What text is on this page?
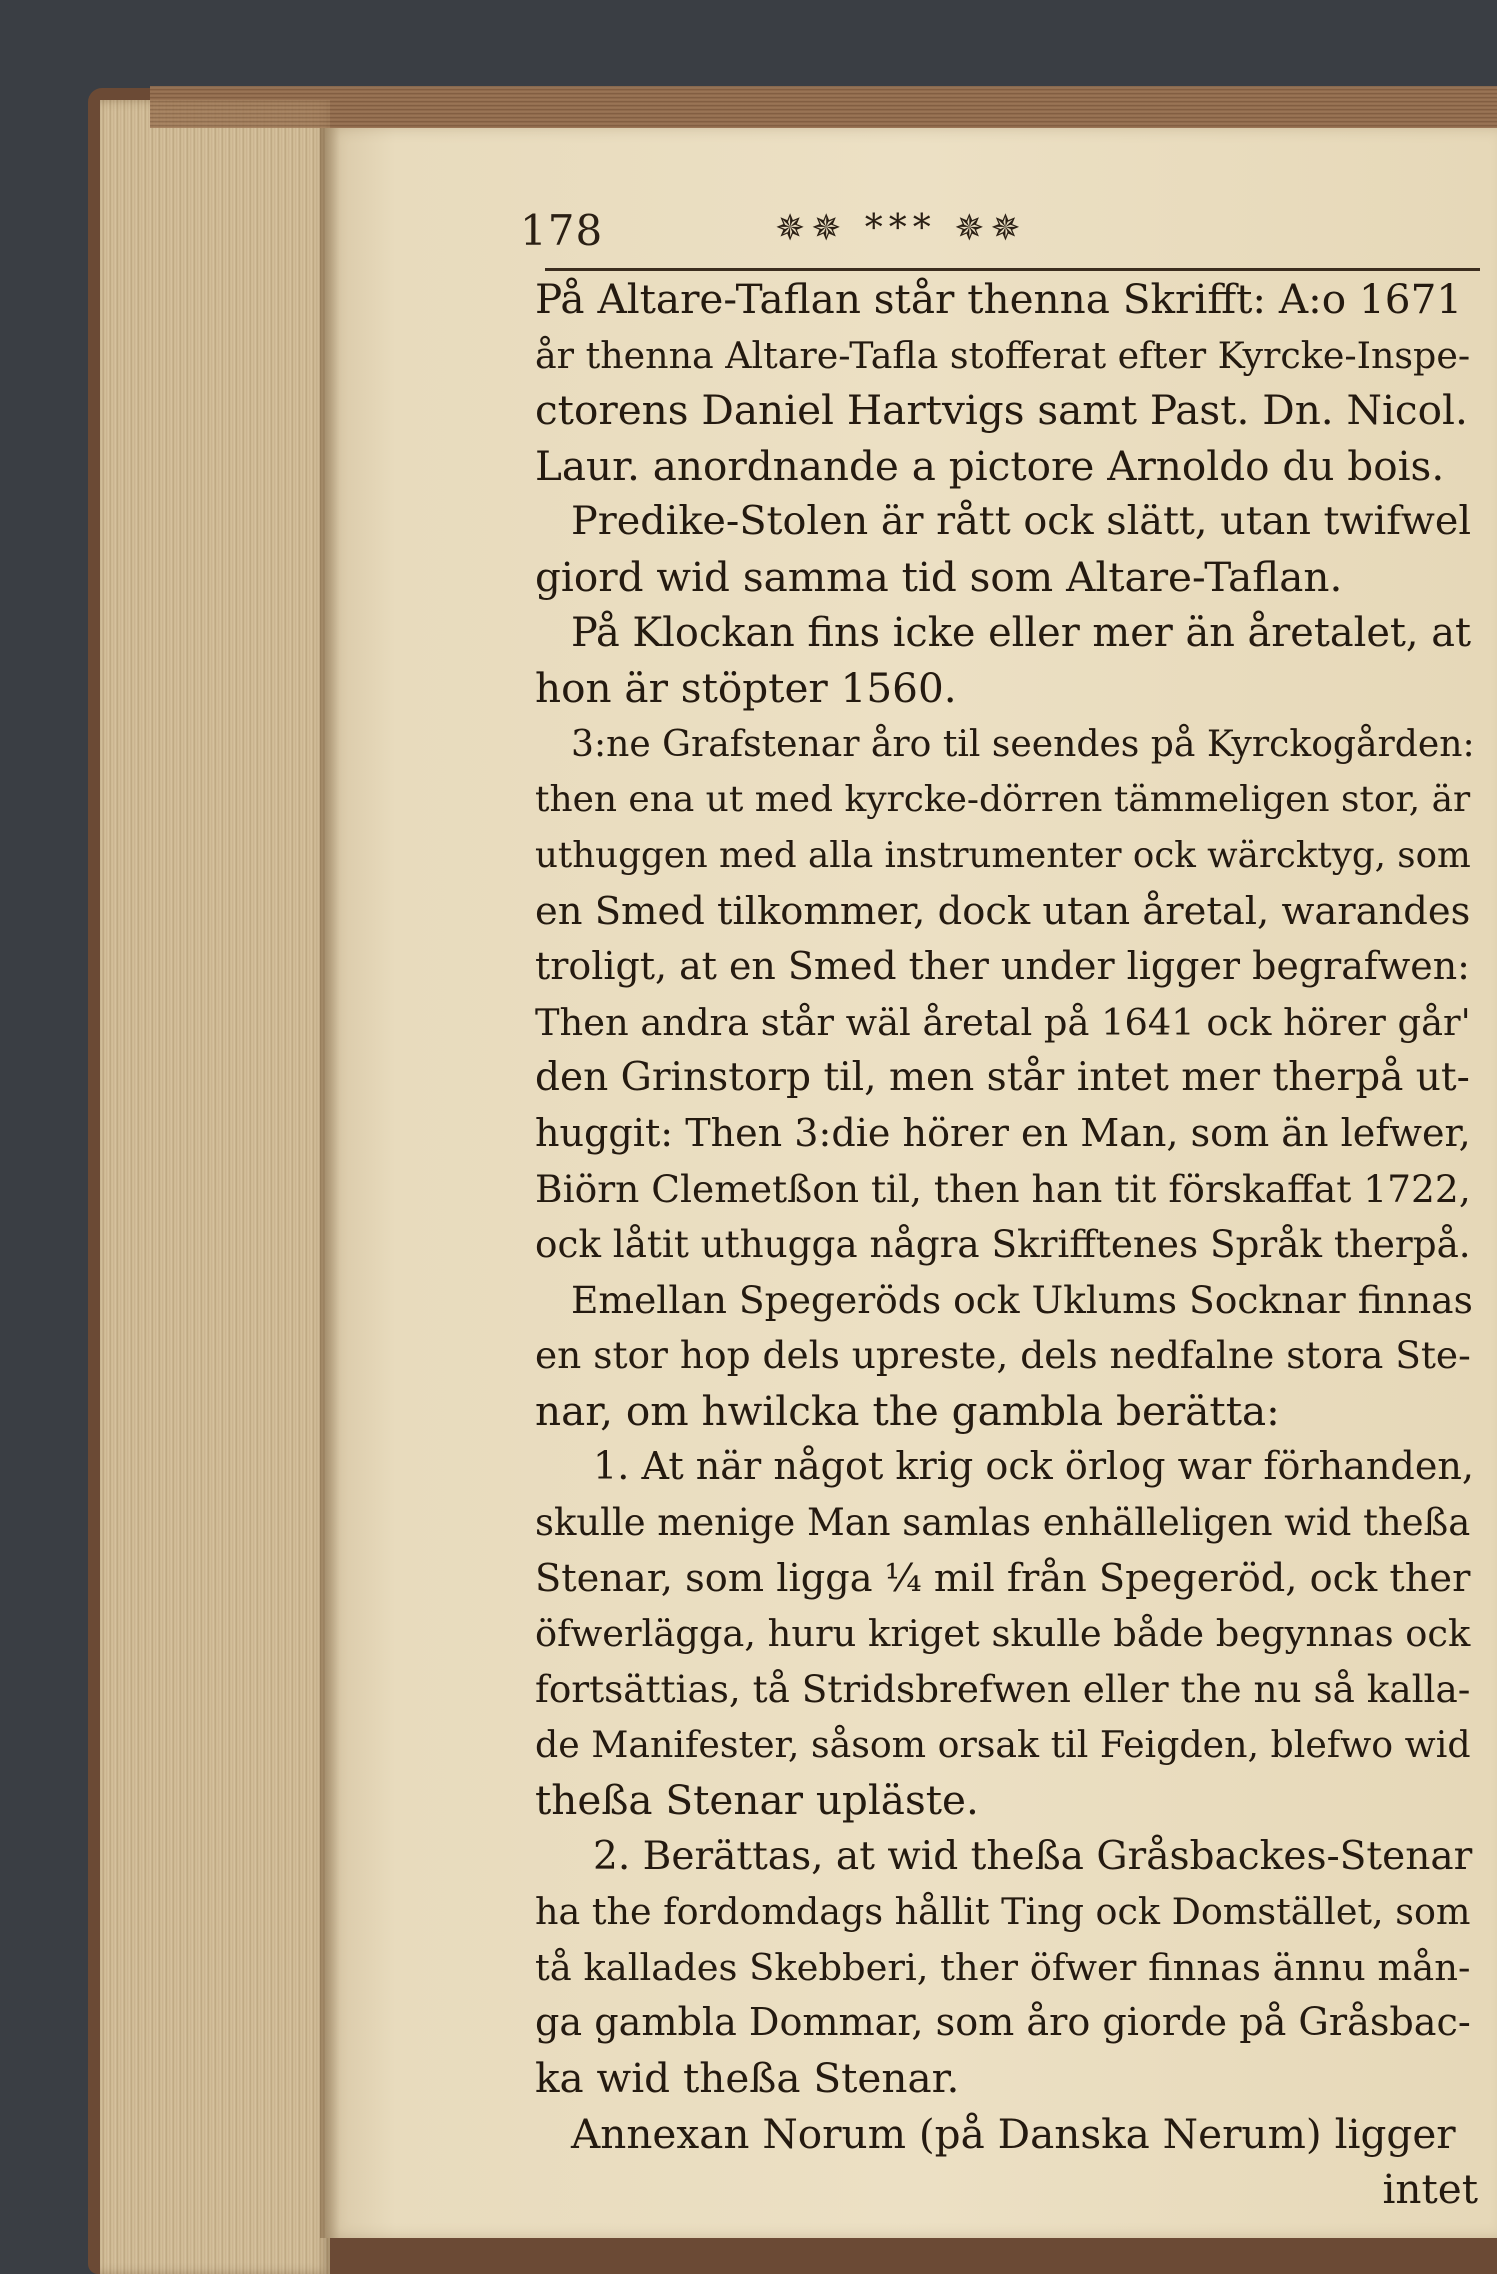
178	✵✵ *** ✵✵
På Altare-Taflan står thenna Skrifft: A:o 1671
år thenna Altare-Tafla stofferat efter Kyrcke-Inspe-
ctorens Daniel Hartvigs samt Past. Dn. Nicol.
Laur. anordnande a pictore Arnoldo du bois.
Predike-Stolen är rått ock slätt, utan twifwel
giord wid samma tid som Altare-Taflan.
På Klockan fins icke eller mer än åretalet, at
hon är stöpter 1560.
3:ne Grafstenar åro til seendes på Kyrckogården:
then ena ut med kyrcke-dörren tämmeligen stor, är
uthuggen med alla instrumenter ock wärcktyg, som
en Smed tilkommer, dock utan åretal, warandes
troligt, at en Smed ther under ligger begrafwen:
Then andra står wäl åretal på 1641 ock hörer går'
den Grinstorp til, men står intet mer therpå ut-
huggit: Then 3:die hörer en Man, som än lefwer,
Biörn Clemetßon til, then han tit förskaffat 1722,
ock låtit uthugga några Skrifftenes Språk therpå.
Emellan Spegeröds ock Uklums Socknar finnas
en stor hop dels upreste, dels nedfalne stora Ste-
nar, om hwilcka the gambla berätta:
1. At när något krig ock örlog war förhanden,
skulle menige Man samlas enhälleligen wid theßa
Stenar, som ligga ¼ mil från Spegeröd, ock ther
öfwerlägga, huru kriget skulle både begynnas ock
fortsättias, tå Stridsbrefwen eller the nu så kalla-
de Manifester, såsom orsak til Feigden, blefwo wid
theßa Stenar upläste.
2. Berättas, at wid theßa Gråsbackes-Stenar
ha the fordomdags hållit Ting ock Domstället, som
tå kallades Skebberi, ther öfwer finnas ännu mån-
ga gambla Dommar, som åro giorde på Gråsbac-
ka wid theßa Stenar.
Annexan Norum (på Danska Nerum) ligger
intet
